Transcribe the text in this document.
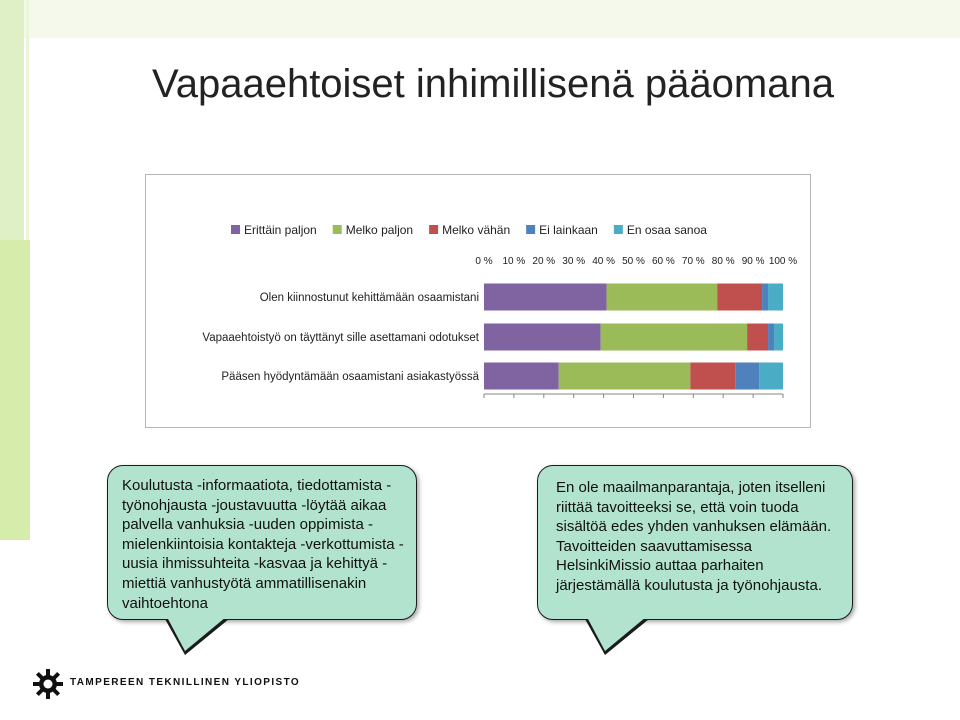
Vapaaehtoiset inhimillisenä pääomana
Erittäin paljon Melko paljon Melko vähän Ei lainkaan En osaa sanoa
0 % 10 % 20 % 30 % 40 % 50 % 60 % 70 % 80 % 90 % 100 %
Olen kiinnostunut kehittämään osaamistani
Vapaaehtoistyö on täyttänyt sille asettamani odotukset
Pääsen hyödyntämään osaamistani asiakastyössä

Koulutusta -informaatiota, tiedottamista -työnohjausta -joustavuutta -löytää aikaa palvella vanhuksia -uuden oppimista -mielenkiintoisia kontakteja -verkottumista -uusia ihmissuhteita -kasvaa ja kehittyä -miettiä vanhustyötä ammatillisenakin vaihtoehtona

En ole maailmanparantaja, joten itselleni riittää tavoitteeksi se, että voin tuoda sisältöä edes yhden vanhuksen elämään. Tavoitteiden saavuttamisessa HelsinkiMissio auttaa parhaiten järjestämällä koulutusta ja työnohjausta.

TAMPEREEN TEKNILLINEN YLIOPISTO
